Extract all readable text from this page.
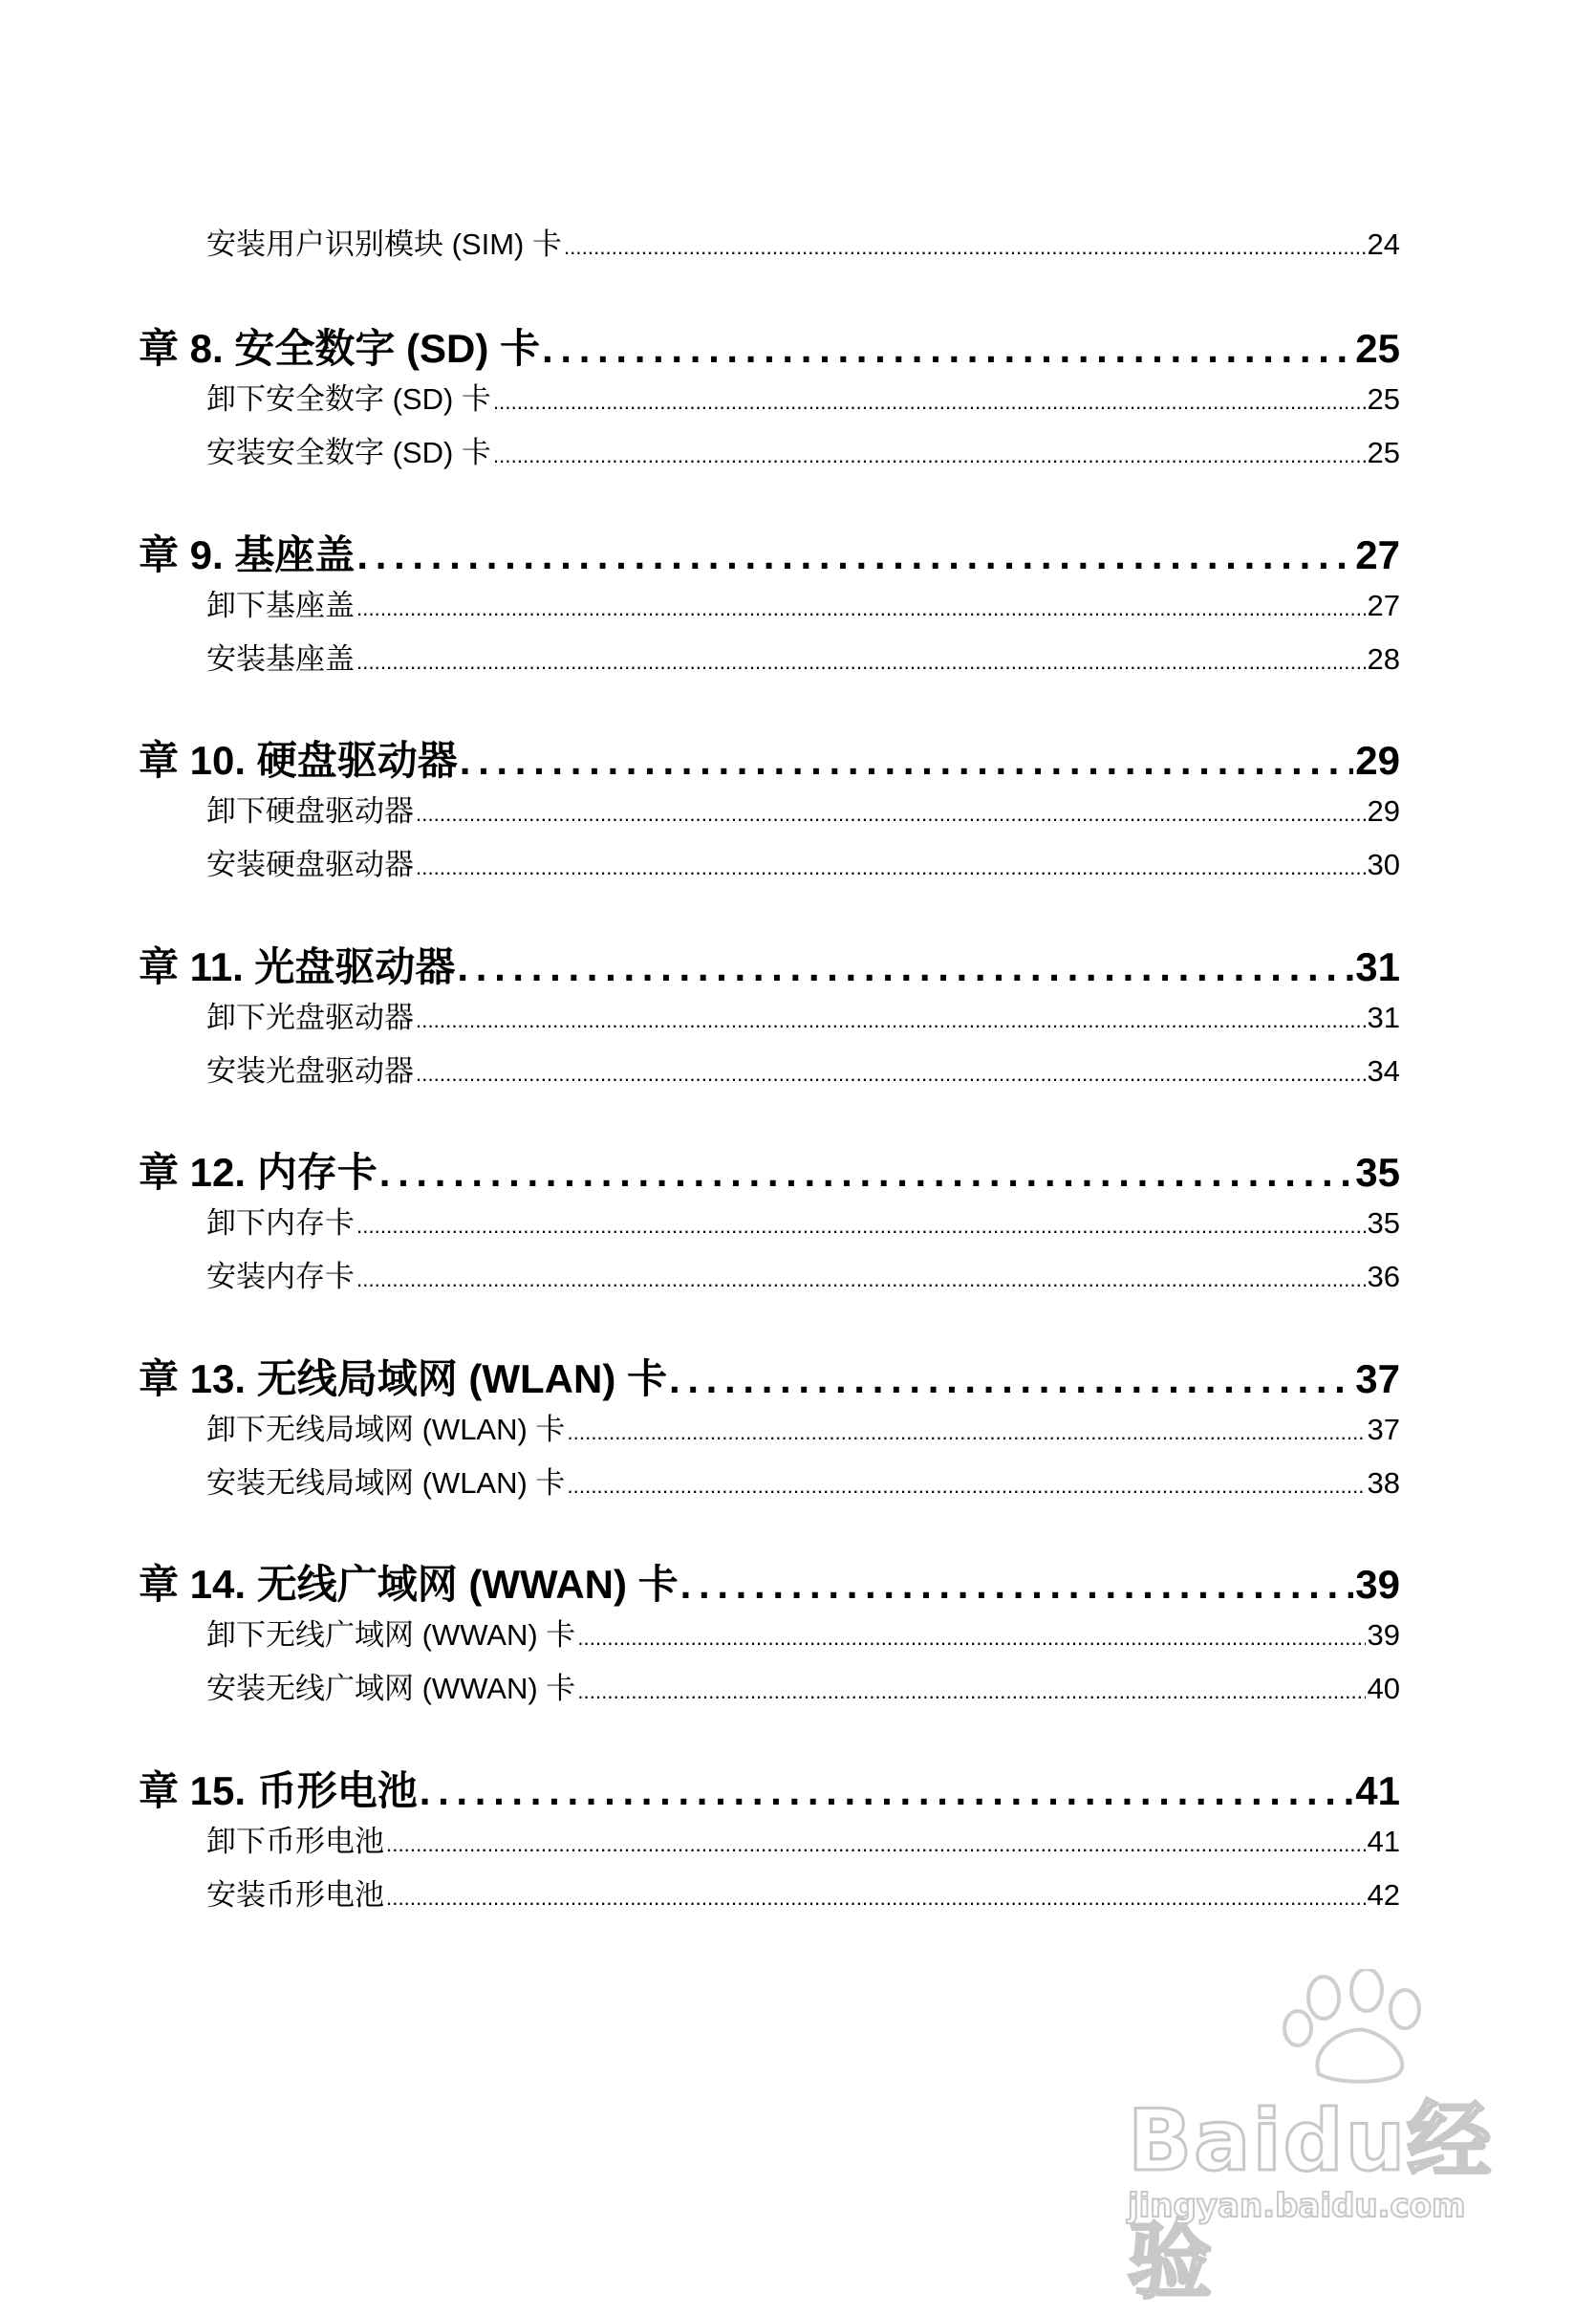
安装用户识别模块 (SIM) 卡 . . .	24
章 8. 安全数字 (SD) 卡 . . .	25
卸下安全数字 (SD) 卡 . . .	25
安装安全数字 (SD) 卡 . . .	25
章 9. 基座盖 . . .	27
卸下基座盖 . . .	27
安装基座盖 . . .	28
章 10. 硬盘驱动器 . . .	29
卸下硬盘驱动器 . . .	29
安装硬盘驱动器 . . .	30
章 11. 光盘驱动器 . . .	31
卸下光盘驱动器 . . .	31
安装光盘驱动器 . . .	34
章 12. 内存卡 . . .	35
卸下内存卡 . . .	35
安装内存卡 . . .	36
章 13. 无线局域网 (WLAN) 卡 . . .	37
卸下无线局域网 (WLAN) 卡 . . .	37
安装无线局域网 (WLAN) 卡 . . .	38
章 14. 无线广域网 (WWAN) 卡 . . .	39
卸下无线广域网 (WWAN) 卡 . . .	39
安装无线广域网 (WWAN) 卡 . . .	40
章 15. 币形电池 . . .	41
卸下币形电池 . . .	41
安装币形电池 . . .	42
Baidu经验
jingyan.baidu.com
